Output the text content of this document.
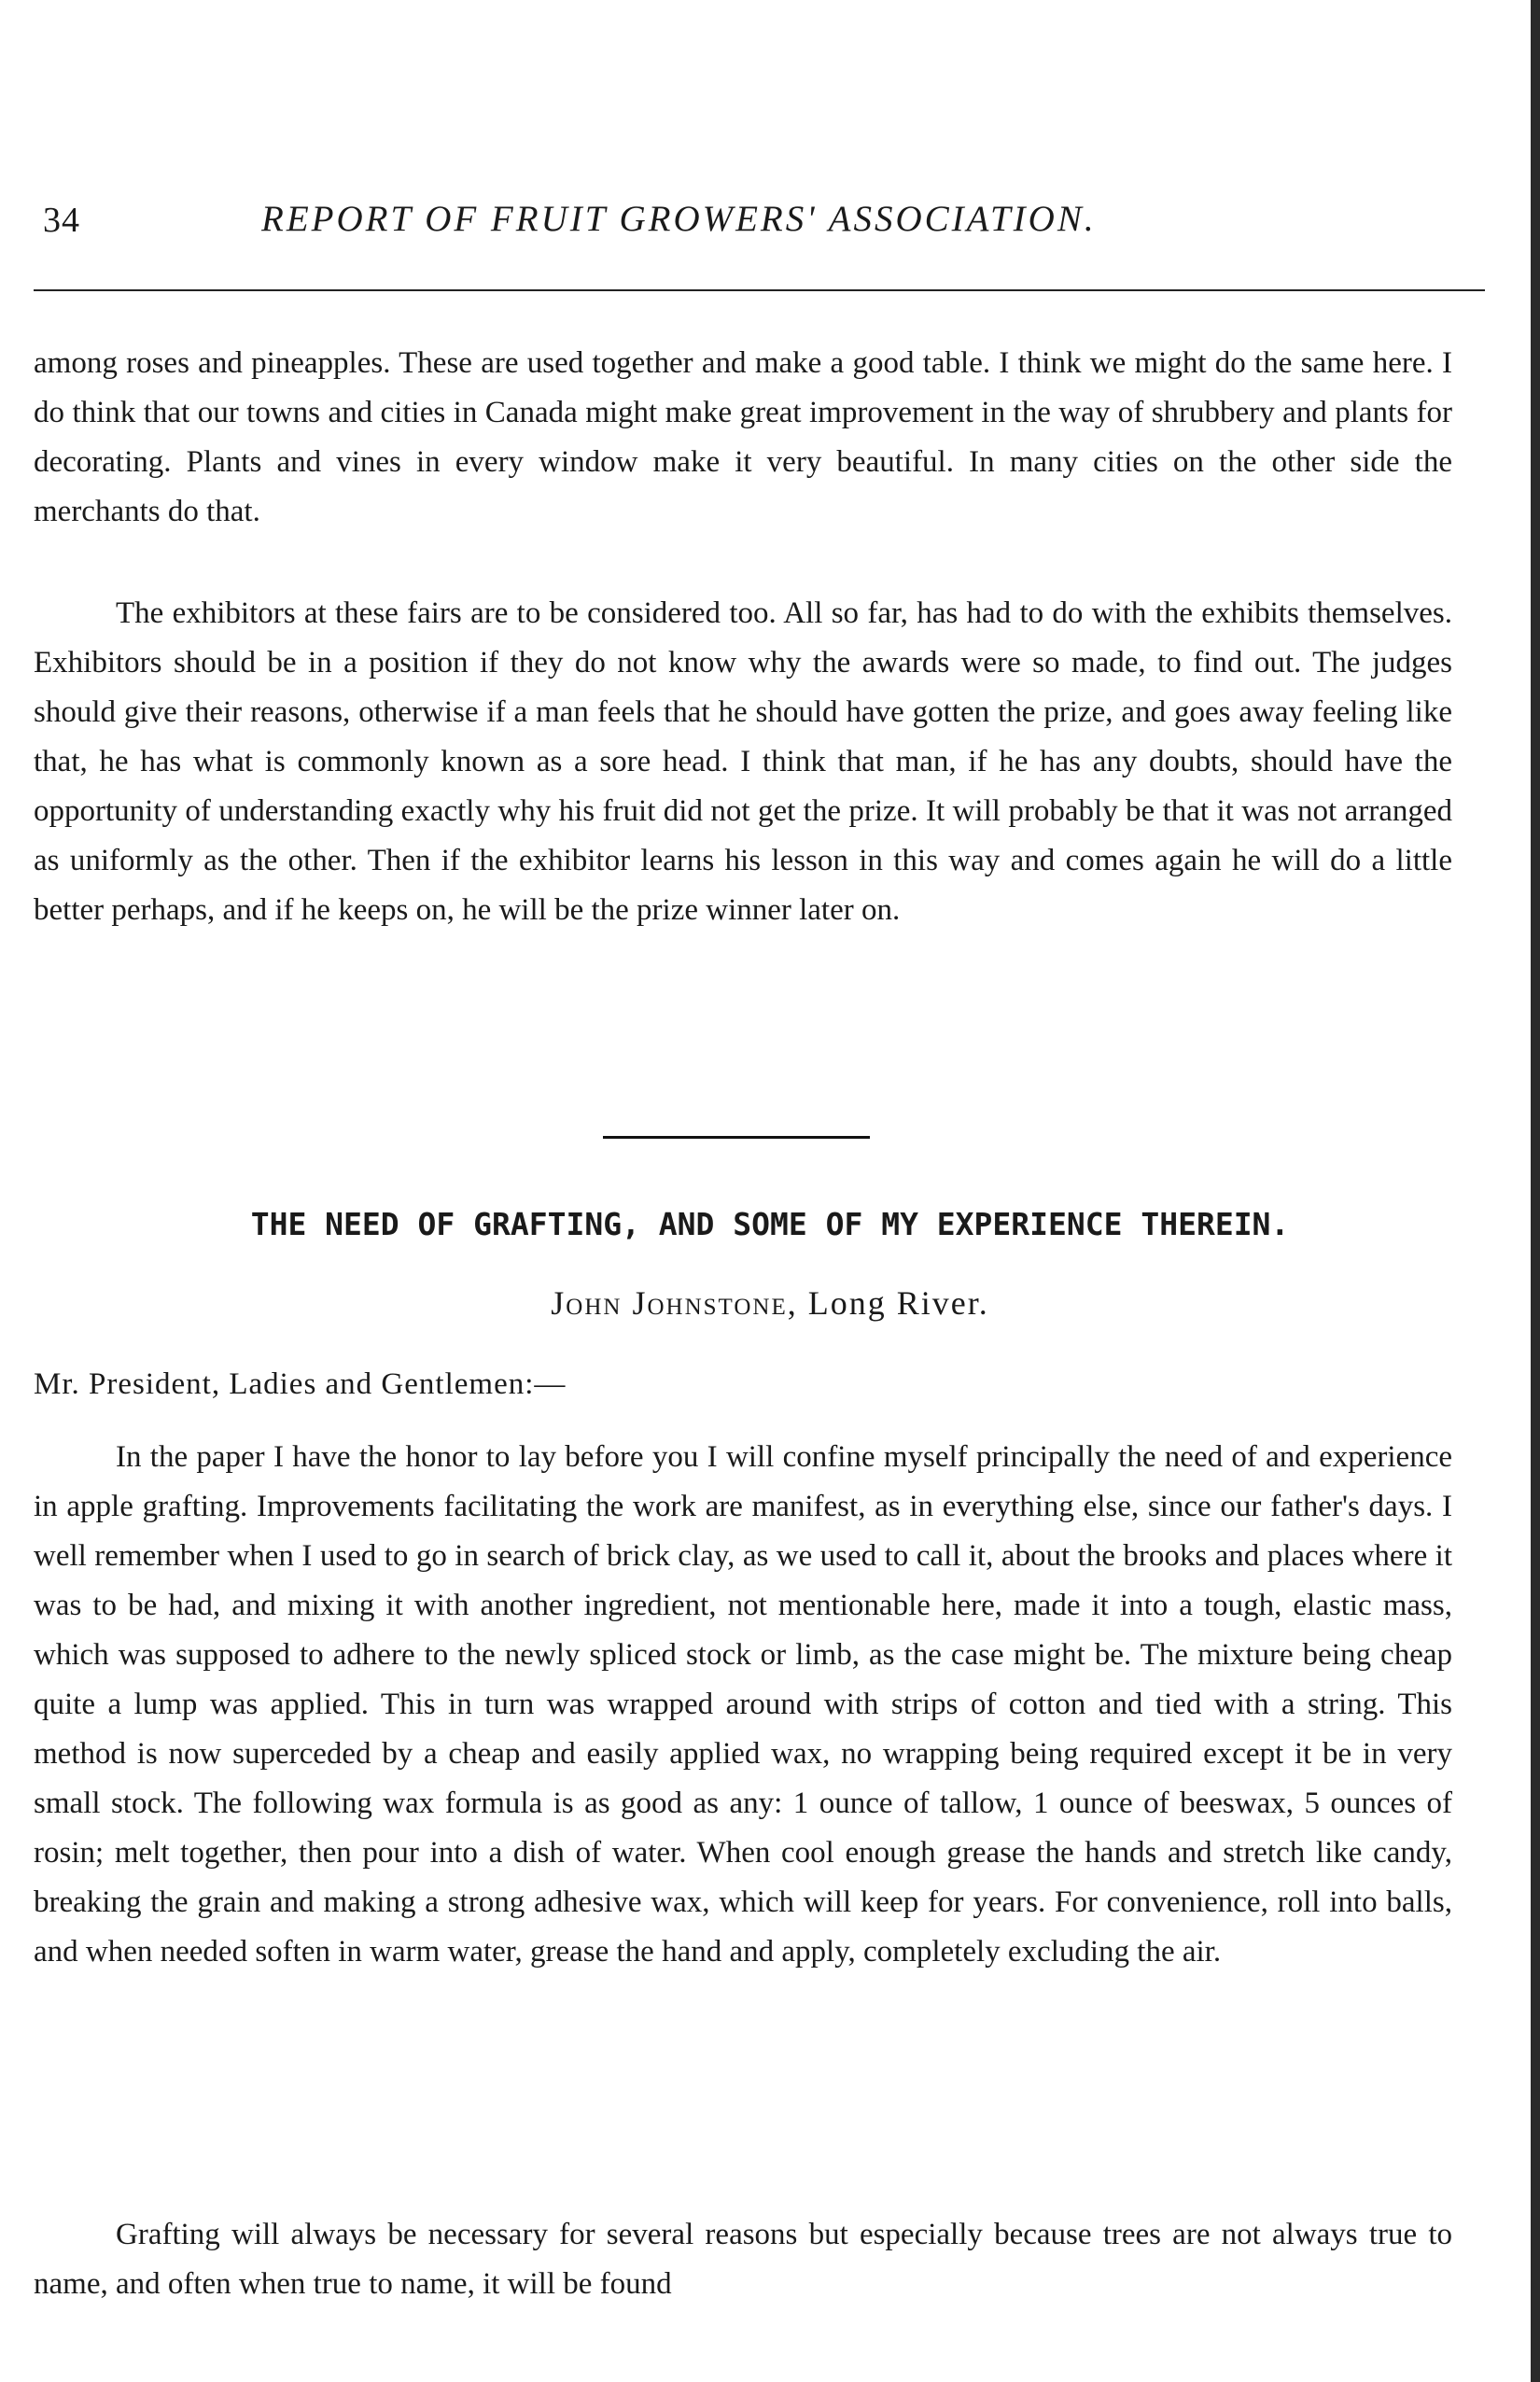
34	REPORT OF FRUIT GROWERS' ASSOCIATION.

among roses and pineapples. These are used together and make a good table. I think we might do the same here. I do think that our towns and cities in Canada might make great improvement in the way of shrubbery and plants for decorating. Plants and vines in every window make it very beautiful. In many cities on the other side the merchants do that.

The exhibitors at these fairs are to be considered too. All so far, has had to do with the exhibits themselves. Exhibitors should be in a position if they do not know why the awards were so made, to find out. The judges should give their reasons, otherwise if a man feels that he should have gotten the prize, and goes away feeling like that, he has what is commonly known as a sore head. I think that man, if he has any doubts, should have the opportunity of understanding exactly why his fruit did not get the prize. It will probably be that it was not arranged as uniformly as the other. Then if the exhibitor learns his lesson in this way and comes again he will do a little better perhaps, and if he keeps on, he will be the prize winner later on.

THE NEED OF GRAFTING, AND SOME OF MY EXPERIENCE THEREIN.
John Johnstone, Long River.
Mr. President, Ladies and Gentlemen:—

In the paper I have the honor to lay before you I will confine myself principally the need of and experience in apple grafting. Improvements facilitating the work are manifest, as in everything else, since our father's days. I well remember when I used to go in search of brick clay, as we used to call it, about the brooks and places where it was to be had, and mixing it with another ingredient, not mentionable here, made it into a tough, elastic mass, which was supposed to adhere to the newly spliced stock or limb, as the case might be. The mixture being cheap quite a lump was applied. This in turn was wrapped around with strips of cotton and tied with a string. This method is now superceded by a cheap and easily applied wax, no wrapping being required except it be in very small stock. The following wax formula is as good as any: 1 ounce of tallow, 1 ounce of beeswax, 5 ounces of rosin; melt together, then pour into a dish of water. When cool enough grease the hands and stretch like candy, breaking the grain and making a strong adhesive wax, which will keep for years. For convenience, roll into balls, and when needed soften in warm water, grease the hand and apply, completely excluding the air.

Grafting will always be necessary for several reasons but especially because trees are not always true to name, and often when true to name, it will be found
